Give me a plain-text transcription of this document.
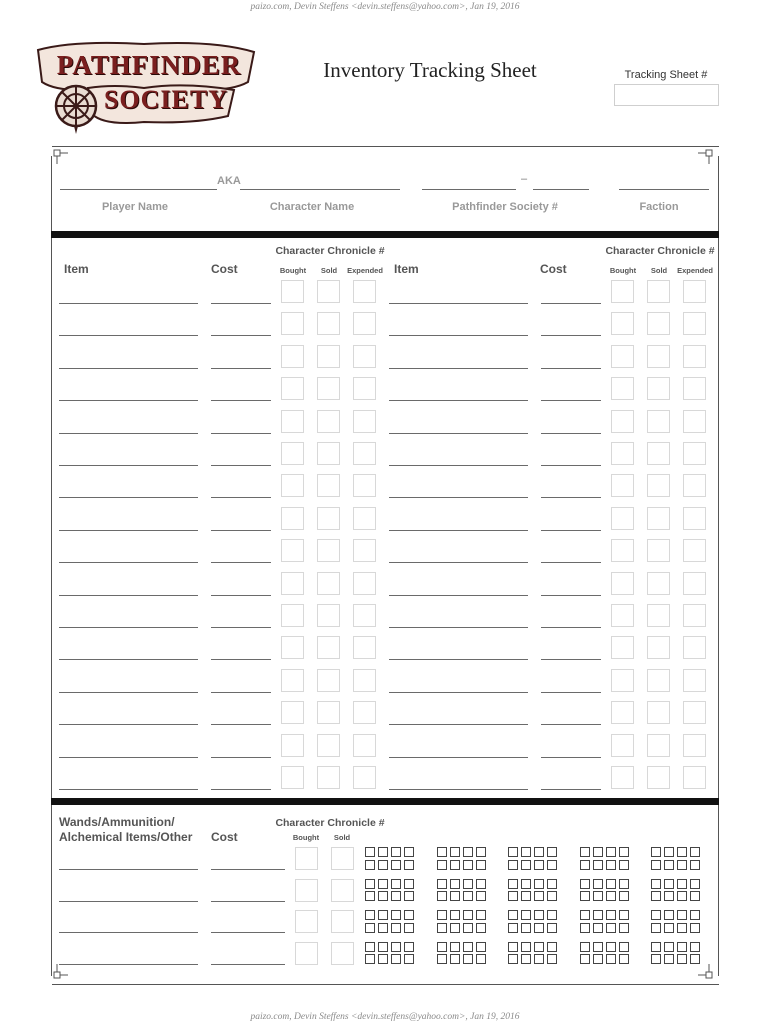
paizo.com, Devin Steffens <devin.steffens@yahoo.com>, Jan 19, 2016
paizo.com, Devin Steffens <devin.steffens@yahoo.com>, Jan 19, 2016
PATHFINDER
SOCIETY
Inventory Tracking Sheet	Tracking Sheet #
AKA	–
Player Name	Character Name	Pathfinder Society #	Faction
Character Chronicle #
Item	Cost	Bought	Sold	Expended
Character Chronicle #
Item	Cost	Bought	Sold	Expended
Wands/Ammunition/
Alchemical Items/Other Cost
Character Chronicle #
Bought	Sold
